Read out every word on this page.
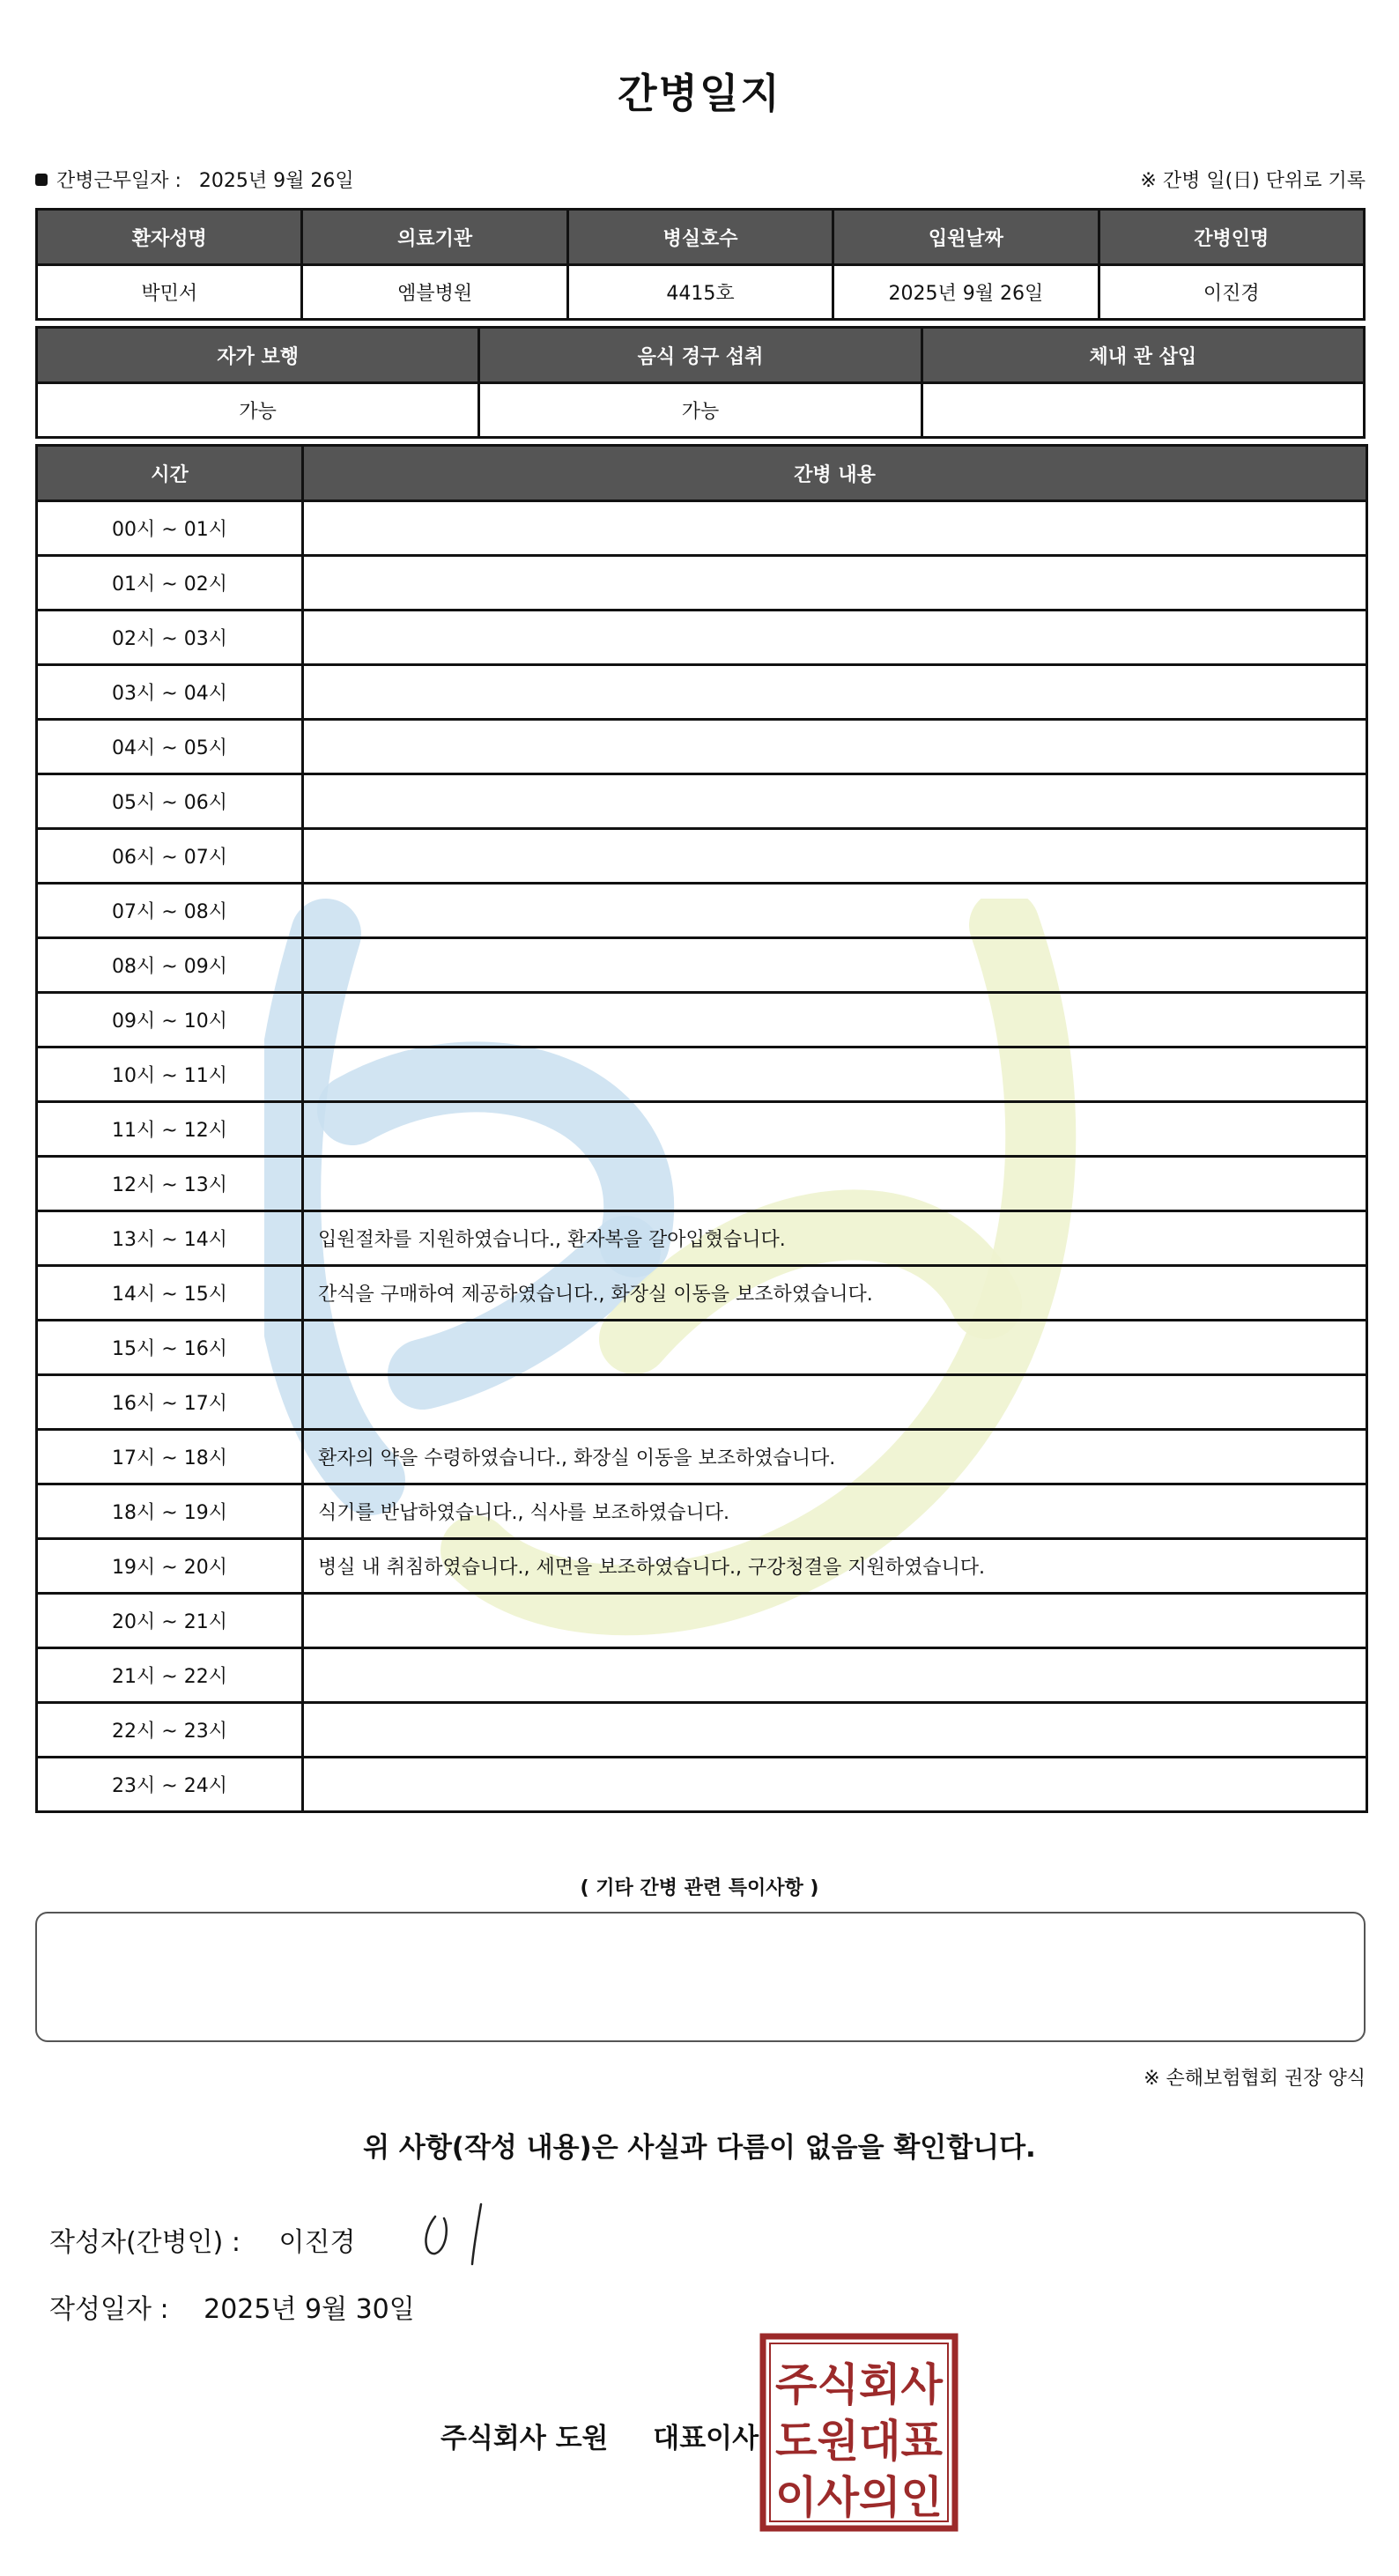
간병일지
간병근무일자 : 2025년 9월 26일	※ 간병 일(日) 단위로 기록
환자성명	의료기관	병실호수	입원날짜	간병인명
박민서	엠블병원	4415호	2025년 9월 26일	이진경
자가 보행	음식 경구 섭취	체내 관 삽입
가능	가능	
시간	간병 내용
00시 ~ 01시	
01시 ~ 02시	
02시 ~ 03시	
03시 ~ 04시	
04시 ~ 05시	
05시 ~ 06시	
06시 ~ 07시	
07시 ~ 08시	
08시 ~ 09시	
09시 ~ 10시	
10시 ~ 11시	
11시 ~ 12시	
12시 ~ 13시	
13시 ~ 14시	입원절차를 지원하였습니다., 환자복을 갈아입혔습니다.
14시 ~ 15시	간식을 구매하여 제공하였습니다., 화장실 이동을 보조하였습니다.
15시 ~ 16시	
16시 ~ 17시	
17시 ~ 18시	환자의 약을 수령하였습니다., 화장실 이동을 보조하였습니다.
18시 ~ 19시	식기를 반납하였습니다., 식사를 보조하였습니다.
19시 ~ 20시	병실 내 취침하였습니다., 세면을 보조하였습니다., 구강청결을 지원하였습니다.
20시 ~ 21시	
21시 ~ 22시	
22시 ~ 23시	
23시 ~ 24시	
( 기타 간병 관련 특이사항 )
※ 손해보험협회 권장 양식
위 사항(작성 내용)은 사실과 다름이 없음을 확인합니다.
작성자(간병인) : 이진경
작성일자 : 2025년 9월 30일
주식회사 도원 대표이사
주식회사
도원대표
이사의인
